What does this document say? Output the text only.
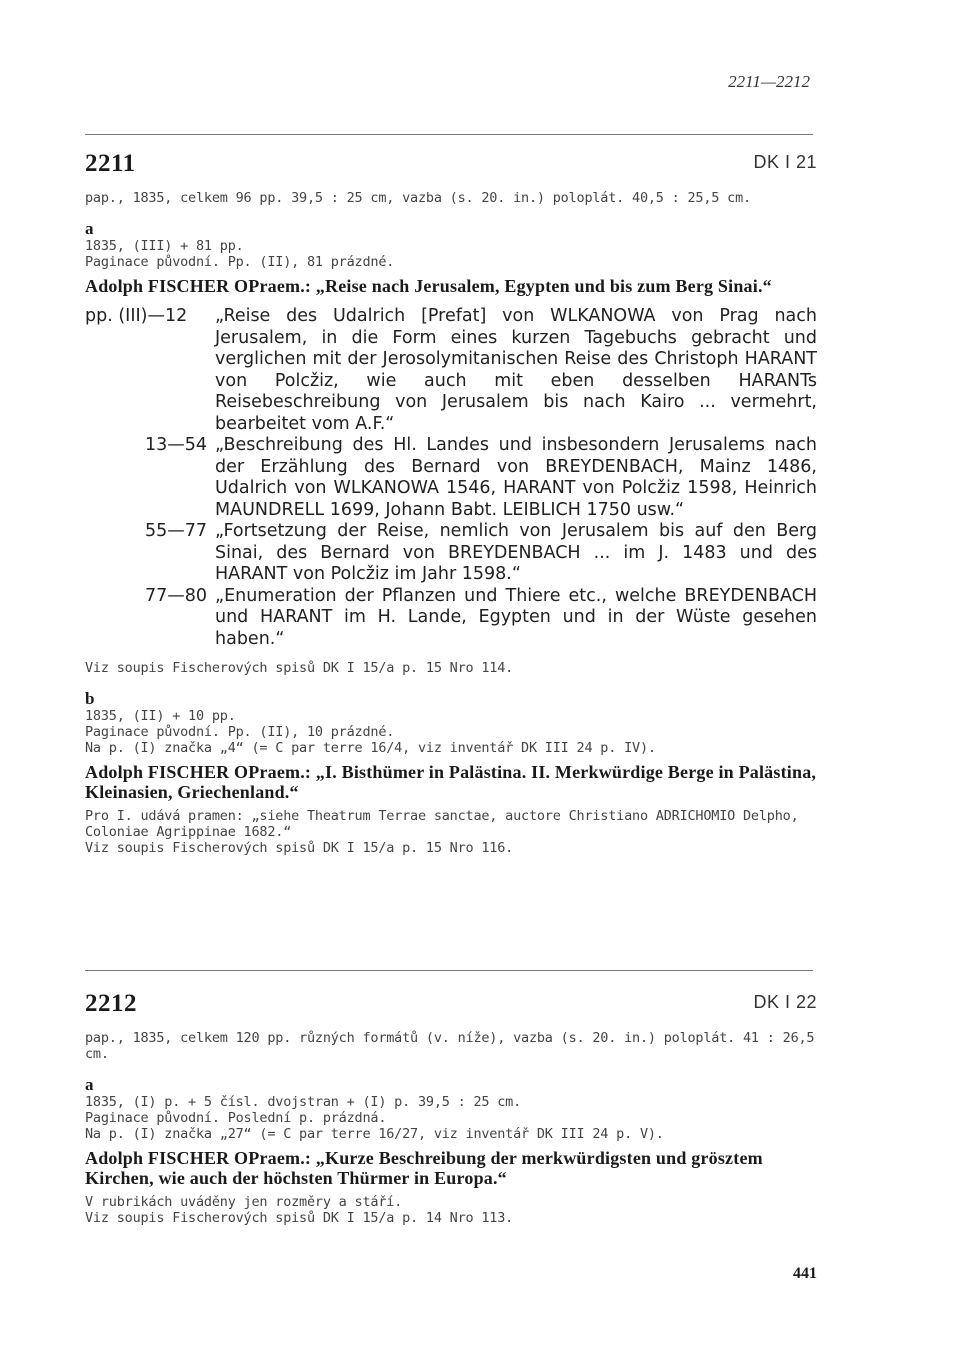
2211—2212
2211	DK I 21
pap., 1835, celkem 96 pp. 39,5 : 25 cm, vazba (s. 20. in.) poloplát. 40,5 : 25,5 cm.
a
1835, (III) + 81 pp.
Paginace původní. Pp. (II), 81 prázdné.
Adolph FISCHER OPraem.: „Reise nach Jerusalem, Egypten und bis zum Berg Sinai.“
pp. (III)—12	„Reise des Udalrich [Prefat] von WLKANOWA von Prag nach Jerusalem, in die Form eines kurzen Tagebuchs gebracht und verglichen mit der Jerosolymitanischen Reise des Christoph HARANT von Polcžiz, wie auch mit eben desselben HARANTs Reisebeschreibung von Jerusalem bis nach Kairo ... vermehrt, bearbeitet vom A.F.“
13—54 „Beschreibung des Hl. Landes und insbesondern Jerusalems nach der Erzählung des Bernard von BREYDENBACH, Mainz 1486, Udalrich von WLKANOWA 1546, HARANT von Polcžiz 1598, Heinrich MAUNDRELL 1699, Johann Babt. LEIBLICH 1750 usw.“
55—77 „Fortsetzung der Reise, nemlich von Jerusalem bis auf den Berg Sinai, des Bernard von BREYDENBACH ... im J. 1483 und des HARANT von Polcžiz im Jahr 1598.“
77—80 „Enumeration der Pflanzen und Thiere etc., welche BREYDENBACH und HARANT im H. Lande, Egypten und in der Wüste gesehen haben.“
Viz soupis Fischerových spisů DK I 15/a p. 15 Nro 114.
b
1835, (II) + 10 pp.
Paginace původní. Pp. (II), 10 prázdné.
Na p. (I) značka „4“ (= C par terre 16/4, viz inventář DK III 24 p. IV).
Adolph FISCHER OPraem.: „I. Bisthümer in Palästina. II. Merkwürdige Berge in Palästina, Kleinasien, Griechenland.“
Pro I. udává pramen: „siehe Theatrum Terrae sanctae, auctore Christiano ADRICHOMIO Delpho, Coloniae Agrippinae 1682.“
Viz soupis Fischerových spisů DK I 15/a p. 15 Nro 116.
2212	DK I 22
pap., 1835, celkem 120 pp. různých formátů (v. níže), vazba (s. 20. in.) poloplát. 41 : 26,5 cm.
a
1835, (I) p. + 5 čísl. dvojstran + (I) p. 39,5 : 25 cm.
Paginace původní. Poslední p. prázdná.
Na p. (I) značka „27“ (= C par terre 16/27, viz inventář DK III 24 p. V).
Adolph FISCHER OPraem.: „Kurze Beschreibung der merkwürdigsten und grösztem Kirchen, wie auch der höchsten Thürmer in Europa.“
V rubrikách uváděny jen rozměry a stáří.
Viz soupis Fischerových spisů DK I 15/a p. 14 Nro 113.
441
